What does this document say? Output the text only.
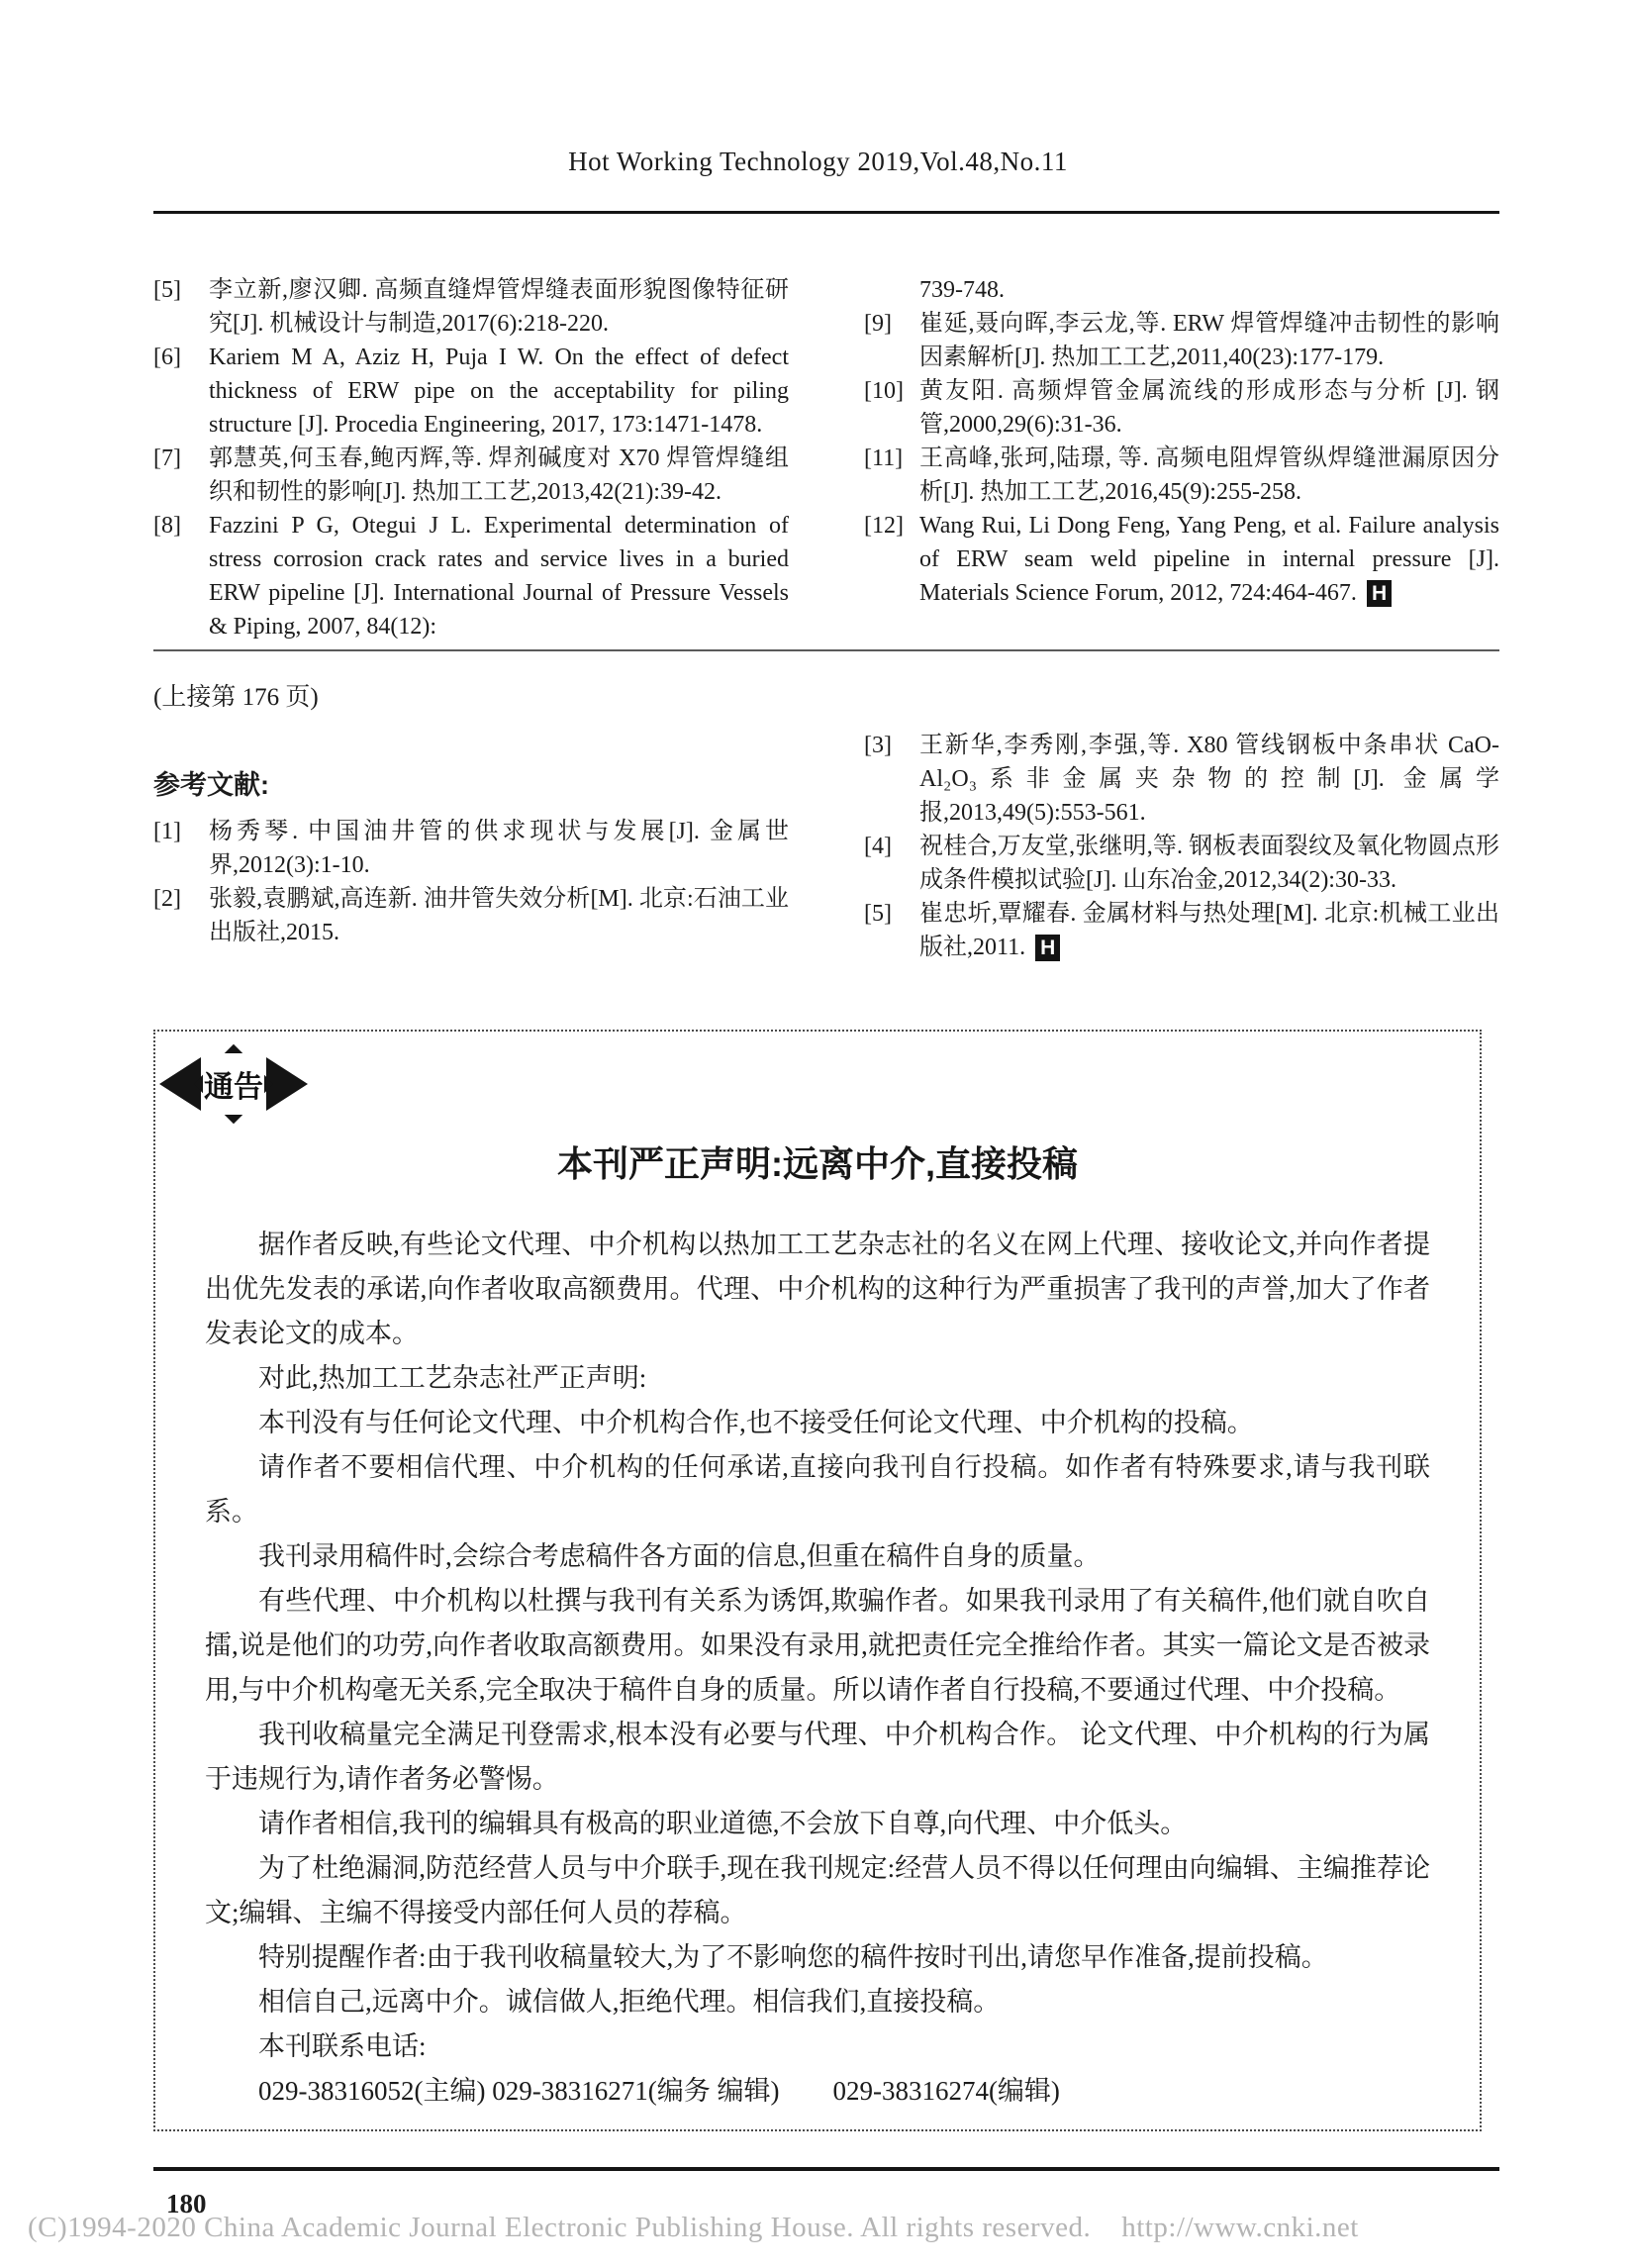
Hot Working Technology 2019,Vol.48,No.11
[5]	李立新,廖汉卿. 高频直缝焊管焊缝表面形貌图像特征研究[J]. 机械设计与制造,2017(6):218-220.
[6]	Kariem M A, Aziz H, Puja I W. On the effect of defect thickness of ERW pipe on the acceptability for piling structure [J]. Procedia Engineering, 2017, 173:1471-1478.
[7]	郭慧英,何玉春,鲍丙辉,等. 焊剂碱度对 X70 焊管焊缝组织和韧性的影响[J]. 热加工工艺,2013,42(21):39-42.
[8]	Fazzini P G, Otegui J L. Experimental determination of stress corrosion crack rates and service lives in a buried ERW pipeline [J]. International Journal of Pressure Vessels & Piping, 2007, 84(12):
739-748.
[9]	崔延,聂向晖,李云龙,等. ERW 焊管焊缝冲击韧性的影响因素解析[J]. 热加工工艺,2011,40(23):177-179.
[10] 黄友阳. 高频焊管金属流线的形成形态与分析 [J]. 钢管,2000,29(6):31-36.
[11] 王高峰,张珂,陆璟, 等. 高频电阻焊管纵焊缝泄漏原因分析[J]. 热加工工艺,2016,45(9):255-258.
[12] Wang Rui, Li Dong Feng, Yang Peng, et al. Failure analysis of ERW seam weld pipeline in internal pressure [J]. Materials Science Forum, 2012, 724:464-467. H
(上接第 176 页)
参考文献:
[1]	杨秀琴. 中国油井管的供求现状与发展[J]. 金属世界,2012(3):1-10.
[2]	张毅,袁鹏斌,高连新. 油井管失效分析[M]. 北京:石油工业出版社,2015.
[3]	王新华,李秀刚,李强,等. X80 管线钢板中条串状 CaO-Al₂O₃系非金属夹杂物的控制[J]. 金属学报,2013,49(5):553-561.
[4]	祝桂合,万友堂,张继明,等. 钢板表面裂纹及氧化物圆点形成条件模拟试验[J]. 山东冶金,2012,34(2):30-33.
[5]	崔忠圻,覃耀春. 金属材料与热处理[M]. 北京:机械工业出版社,2011. H
通告
本刊严正声明:远离中介,直接投稿

据作者反映,有些论文代理、中介机构以热加工工艺杂志社的名义在网上代理、接收论文,并向作者提出优先发表的承诺,向作者收取高额费用。代理、中介机构的这种行为严重损害了我刊的声誉,加大了作者发表论文的成本。

对此,热加工工艺杂志社严正声明:

本刊没有与任何论文代理、中介机构合作,也不接受任何论文代理、中介机构的投稿。

请作者不要相信代理、中介机构的任何承诺,直接向我刊自行投稿。如作者有特殊要求,请与我刊联系。

我刊录用稿件时,会综合考虑稿件各方面的信息,但重在稿件自身的质量。

有些代理、中介机构以杜撰与我刊有关系为诱饵,欺骗作者。如果我刊录用了有关稿件,他们就自吹自擂,说是他们的功劳,向作者收取高额费用。如果没有录用,就把责任完全推给作者。其实一篇论文是否被录用,与中介机构毫无关系,完全取决于稿件自身的质量。所以请作者自行投稿,不要通过代理、中介投稿。

我刊收稿量完全满足刊登需求,根本没有必要与代理、中介机构合作。 论文代理、中介机构的行为属于违规行为,请作者务必警惕。

请作者相信,我刊的编辑具有极高的职业道德,不会放下自尊,向代理、中介低头。

为了杜绝漏洞,防范经营人员与中介联手,现在我刊规定:经营人员不得以任何理由向编辑、主编推荐论文;编辑、主编不得接受内部任何人员的荐稿。

特别提醒作者:由于我刊收稿量较大,为了不影响您的稿件按时刊出,请您早作准备,提前投稿。

相信自己,远离中介。诚信做人,拒绝代理。相信我们,直接投稿。

本刊联系电话:

029-38316052(主编) 029-38316271(编务 编辑)        029-38316274(编辑)

180
(C)1994-2020 China Academic Journal Electronic Publishing House. All rights reserved.    http://www.cnki.net
